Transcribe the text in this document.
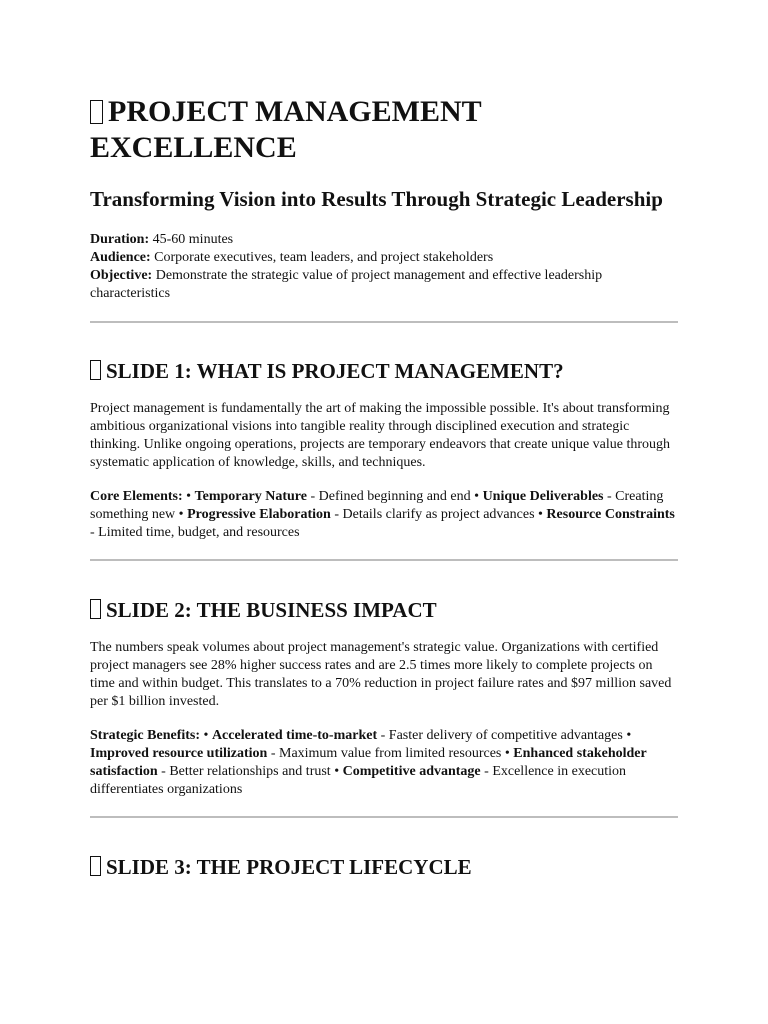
PROJECT MANAGEMENT EXCELLENCE
Transforming Vision into Results Through Strategic Leadership
Duration: 45-60 minutes
Audience: Corporate executives, team leaders, and project stakeholders
Objective: Demonstrate the strategic value of project management and effective leadership characteristics
SLIDE 1: WHAT IS PROJECT MANAGEMENT?

Project management is fundamentally the art of making the impossible possible. It's about transforming ambitious organizational visions into tangible reality through disciplined execution and strategic thinking. Unlike ongoing operations, projects are temporary endeavors that create unique value through systematic application of knowledge, skills, and techniques.

Core Elements: • Temporary Nature - Defined beginning and end • Unique Deliverables - Creating something new • Progressive Elaboration - Details clarify as project advances • Resource Constraints - Limited time, budget, and resources

SLIDE 2: THE BUSINESS IMPACT

The numbers speak volumes about project management's strategic value. Organizations with certified project managers see 28% higher success rates and are 2.5 times more likely to complete projects on time and within budget. This translates to a 70% reduction in project failure rates and $97 million saved per $1 billion invested.

Strategic Benefits: • Accelerated time-to-market - Faster delivery of competitive advantages • Improved resource utilization - Maximum value from limited resources • Enhanced stakeholder satisfaction - Better relationships and trust • Competitive advantage - Excellence in execution differentiates organizations

SLIDE 3: THE PROJECT LIFECYCLE
